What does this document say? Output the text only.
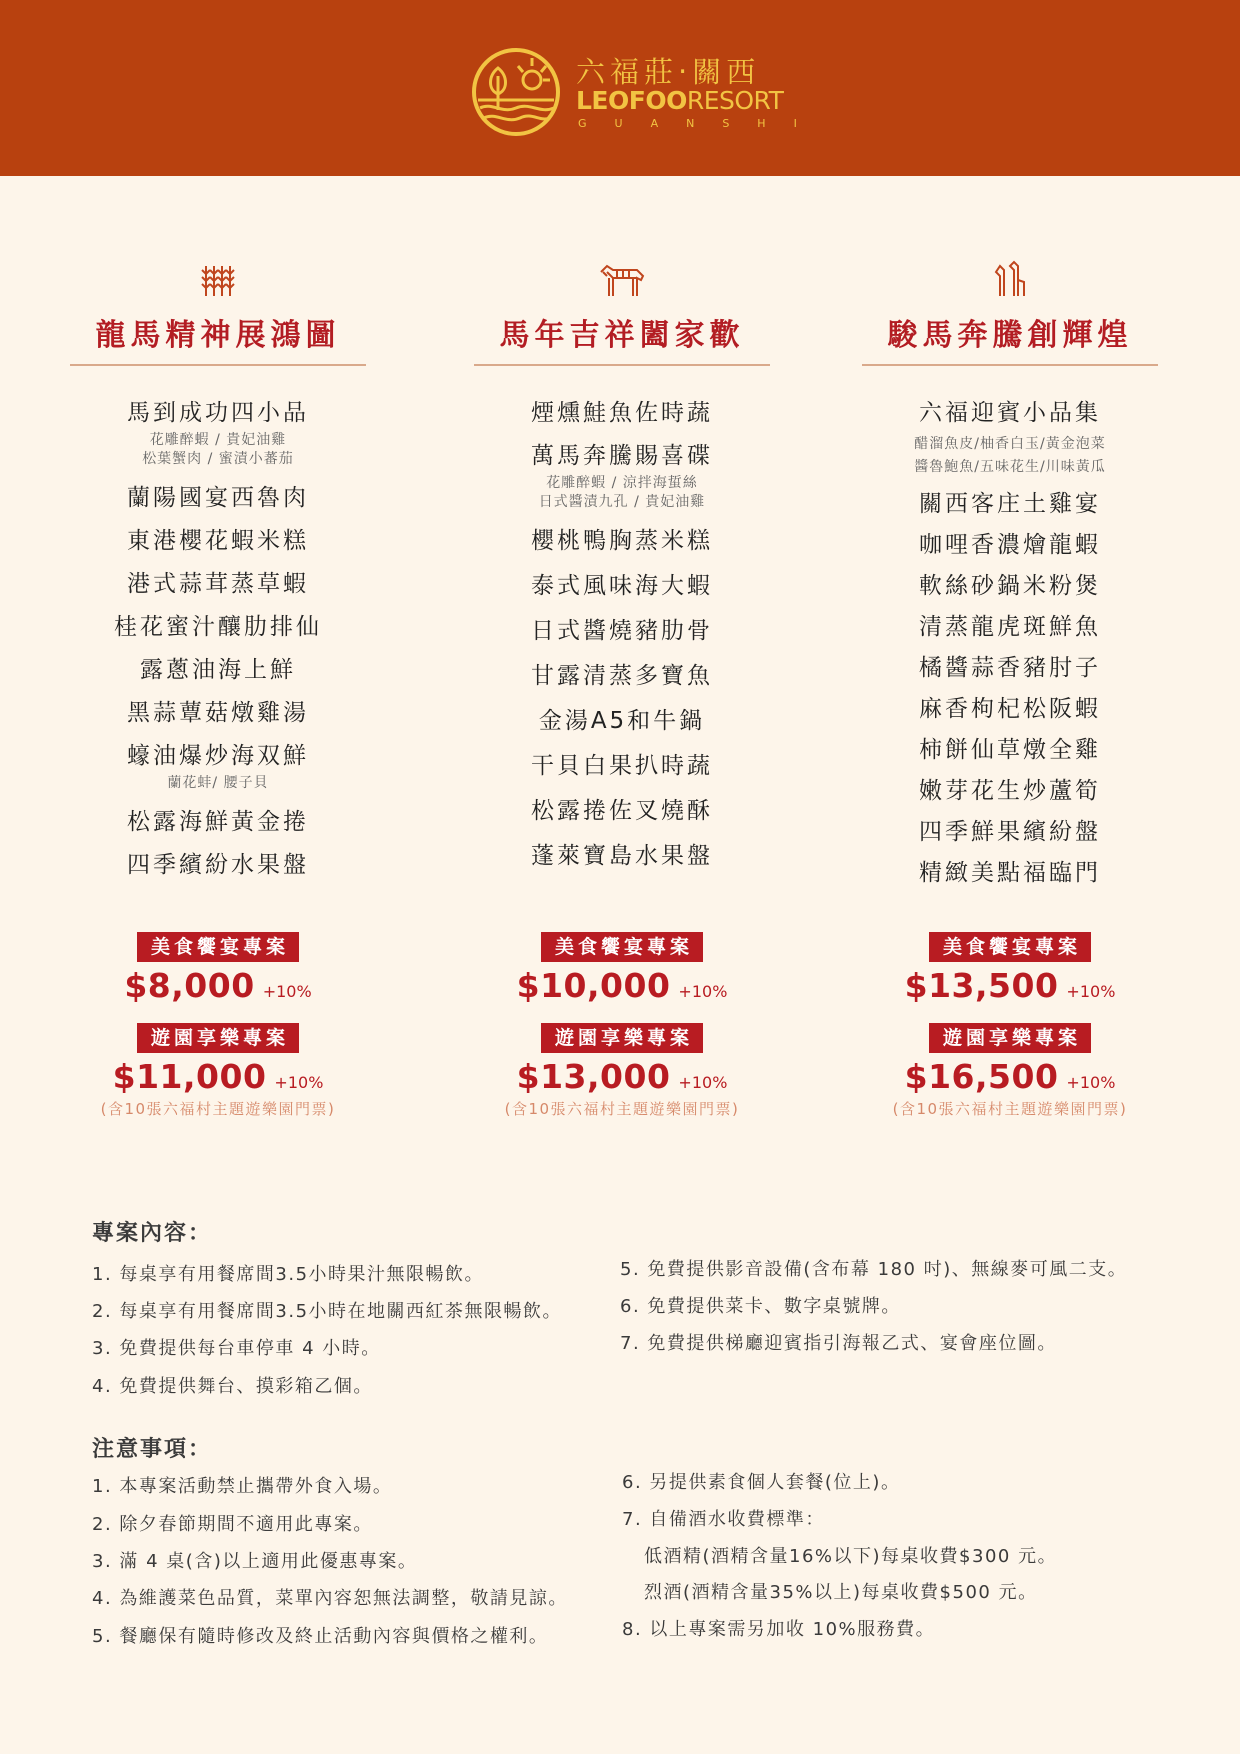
六福莊‧關西
LEOFOORESORT
GUANSHI
龍馬精神展鴻圖
馬到成功四小品
花雕醉蝦 / 貴妃油雞
松葉蟹肉 / 蜜漬小蕃茄
蘭陽國宴西魯肉
東港櫻花蝦米糕
港式蒜茸蒸草蝦
桂花蜜汁釀肋排仙
露蔥油海上鮮
黑蒜蕈菇燉雞湯
蠔油爆炒海双鮮
蘭花蚌/ 腰子貝
松露海鮮黃金捲
四季繽紛水果盤
馬年吉祥闔家歡
煙燻鮭魚佐時蔬
萬馬奔騰賜喜碟
花雕醉蝦 / 涼拌海蜇絲
日式醬漬九孔 / 貴妃油雞
櫻桃鴨胸蒸米糕
泰式風味海大蝦
日式醬燒豬肋骨
甘露清蒸多寶魚
金湯A5和牛鍋
干貝白果扒時蔬
松露捲佐叉燒酥
蓬萊寶島水果盤
駿馬奔騰創輝煌
六福迎賓小品集
醋溜魚皮/柚香白玉/黃金泡菜
醬魯鮑魚/五味花生/川味黃瓜
關西客庄土雞宴
咖哩香濃燴龍蝦
軟絲砂鍋米粉煲
清蒸龍虎斑鮮魚
橘醬蒜香豬肘子
麻香枸杞松阪蝦
柿餅仙草燉全雞
嫩芽花生炒蘆筍
四季鮮果繽紛盤
精緻美點福臨門
美食饗宴專案
$8,000 +10%
遊園享樂專案
$11,000 +10%
(含10張六福村主題遊樂園門票)
美食饗宴專案
$10,000 +10%
遊園享樂專案
$13,000 +10%
(含10張六福村主題遊樂園門票)
美食饗宴專案
$13,500 +10%
遊園享樂專案
$16,500 +10%
(含10張六福村主題遊樂園門票)
專案內容：
1. 每桌享有用餐席間3.5小時果汁無限暢飲。
2. 每桌享有用餐席間3.5小時在地關西紅茶無限暢飲。
3. 免費提供每台車停車 4 小時。
4. 免費提供舞台、摸彩箱乙個。
5. 免費提供影音設備(含布幕 180 吋)、無線麥可風二支。
6. 免費提供菜卡、數字桌號牌。
7. 免費提供梯廳迎賓指引海報乙式、宴會座位圖。
注意事項：
1. 本專案活動禁止攜帶外食入場。
2. 除夕春節期間不適用此專案。
3. 滿 4 桌(含)以上適用此優惠專案。
4. 為維護菜色品質，菜單內容恕無法調整，敬請見諒。
5. 餐廳保有隨時修改及終止活動內容與價格之權利。
6. 另提供素食個人套餐(位上)。
7. 自備酒水收費標準：
低酒精(酒精含量16%以下)每桌收費$300 元。
烈酒(酒精含量35%以上)每桌收費$500 元。
8. 以上專案需另加收 10%服務費。
